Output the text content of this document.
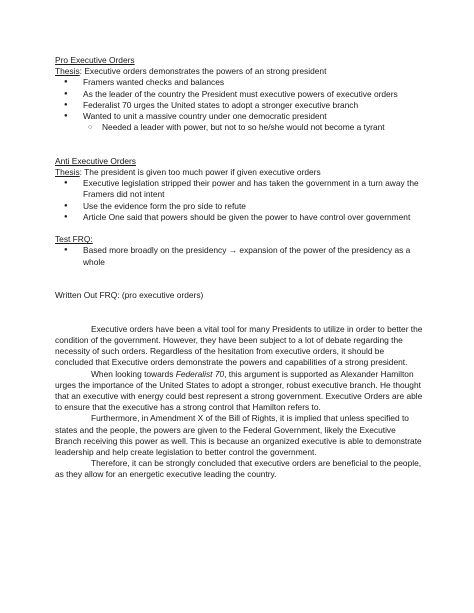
Pro Executive Orders

Thesis: Executive orders demonstrates the powers of an strong president

● Framers wanted checks and balances
● As the leader of the country the President must executive powers of executive orders
● Federalist 70 urges the United states to adopt a stronger executive branch
● Wanted to unit a massive country under one democratic president
○ Needed a leader with power, but not to so he/she would not become a tyrant

Anti Executive Orders

Thesis: The president is given too much power if given executive orders

● Executive legislation stripped their power and has taken the government in a turn away the Framers did not intent
● Use the evidence form the pro side to refute
● Article One said that powers should be given the power to have control over government

Test FRQ:

● Based more broadly on the presidency → expansion of the power of the presidency as a whole

Written Out FRQ: (pro executive orders)

Executive orders have been a vital tool for many Presidents to utilize in order to better the condition of the government. However, they have been subject to a lot of debate regarding the necessity of such orders. Regardless of the hesitation from executive orders, it should be concluded that Executive orders demonstrate the powers and capabilities of a strong president.

When looking towards Federalist 70, this argument is supported as Alexander Hamilton urges the importance of the United States to adopt a stronger, robust executive branch. He thought that an executive with energy could best represent a strong government. Executive Orders are able to ensure that the executive has a strong control that Hamilton refers to.

Furthermore, in Amendment X of the Bill of Rights, it is implied that unless specified to states and the people, the powers are given to the Federal Government, likely the Executive Branch receiving this power as well. This is because an organized executive is able to demonstrate leadership and help create legislation to better control the government.

Therefore, it can be strongly concluded that executive orders are beneficial to the people, as they allow for an energetic executive leading the country.
